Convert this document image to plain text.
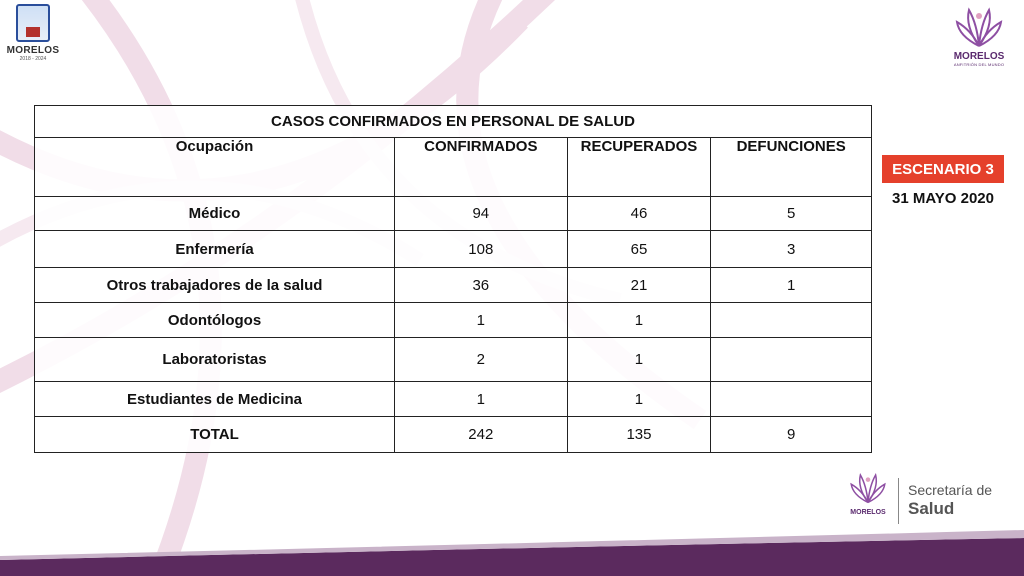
MORELOS
2018 - 2024	MORELOS
ANFITRIÓN DEL MUNDO
CASOS CONFIRMADOS EN PERSONAL DE SALUD			
Ocupación	CONFIRMADOS	RECUPERADOS	DEFUNCIONES
Médico	94	46	5
Enfermería	108	65	3
Otros trabajadores de la salud	36	21	1
Odontólogos	1	1	
Laboratoristas	2	1	
Estudiantes de Medicina	1	1	
TOTAL	242	135	9
ESCENARIO 3
31 MAYO 2020
MORELOS
Secretaría de
Salud
